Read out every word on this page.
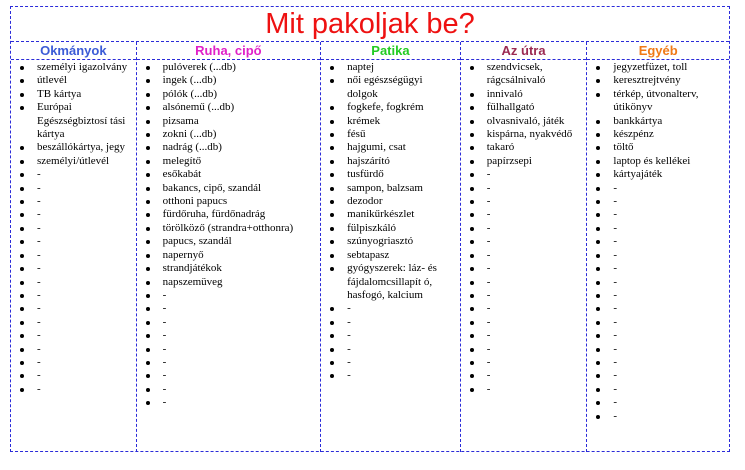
Mit pakoljak be?
Okmányok
személyi igazolvány
útlevél
TB kártya
Európai Egészségbiztosí tási kártya
beszállókártya, jegy
személyi/útlevél
-
-
-
-
-
-
-
-
-
-
-
-
-
-
-
-
-
Ruha, cipő
pulóverek (...db)
ingek (...db)
pólók (...db)
alsónemű (...db)
pizsama
zokni (...db)
nadrág (...db)
melegítő
esőkabát
bakancs, cipő, szandál
otthoni papucs
fürdőruha, fürdőnadrág
törölköző (strandra+otthonra)
papucs, szandál
napernyő
strandjátékok
napszemüveg
-
-
-
-
-
-
-
-
-
Patika
naptej
női egészségügyi dolgok
fogkefe, fogkrém
krémek
fésű
hajgumi, csat
hajszárító
tusfürdő
sampon, balzsam
dezodor
manikűrkészlet
fülpiszkáló
szúnyogriasztó
sebtapasz
gyógyszerek: láz- és fájdalomcsillapít ó, hasfogó, kalcium
-
-
-
-
-
-
Az útra
szendvicsek, rágcsálnivaló
innivaló
fülhallgató
olvasnivaló, játék
kispárna, nyakvédő
takaró
papírzsepi
-
-
-
-
-
-
-
-
-
-
-
-
-
-
-
-
-
Egyéb
jegyzetfüzet, toll
keresztrejtvény
térkép, útvonalterv, útikönyv
bankkártya
készpénz
töltő
laptop és kellékei
kártyajáték
-
-
-
-
-
-
-
-
-
-
-
-
-
-
-
-
-
-
